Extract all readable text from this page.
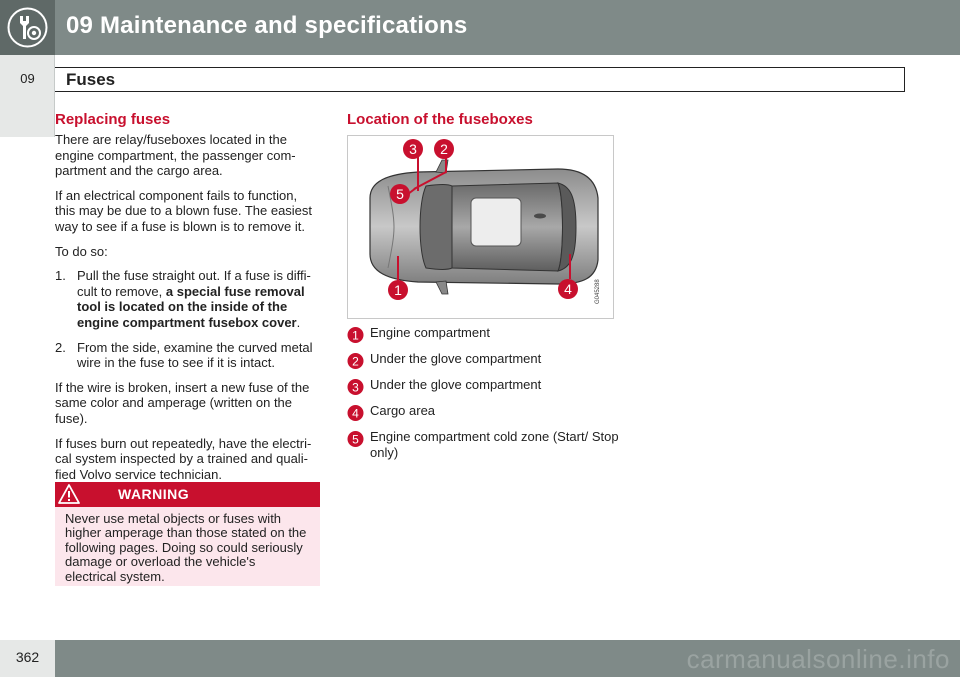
09 Maintenance and specifications
09	Fuses
Replacing fuses
There are relay/fuseboxes located in the engine compartment, the passenger com-partment and the cargo area.
If an electrical component fails to function, this may be due to a blown fuse. The easiest way to see if a fuse is blown is to remove it.
To do so:
1. Pull the fuse straight out. If a fuse is diffi-cult to remove, a special fuse removal tool is located on the inside of the engine compartment fusebox cover.
2. From the side, examine the curved metal wire in the fuse to see if it is intact.
If the wire is broken, insert a new fuse of the same color and amperage (written on the fuse).
If fuses burn out repeatedly, have the electri-cal system inspected by a trained and quali-fied Volvo service technician.
WARNING
Never use metal objects or fuses with higher amperage than those stated on the following pages. Doing so could seriously damage or overload the vehicle's electrical system.
Location of the fuseboxes
1
2
3
4
5
G045288
1 Engine compartment
2 Under the glove compartment
3 Under the glove compartment
4 Cargo area
5 Engine compartment cold zone (Start/ Stop only)
362	carmanualsonline.info
